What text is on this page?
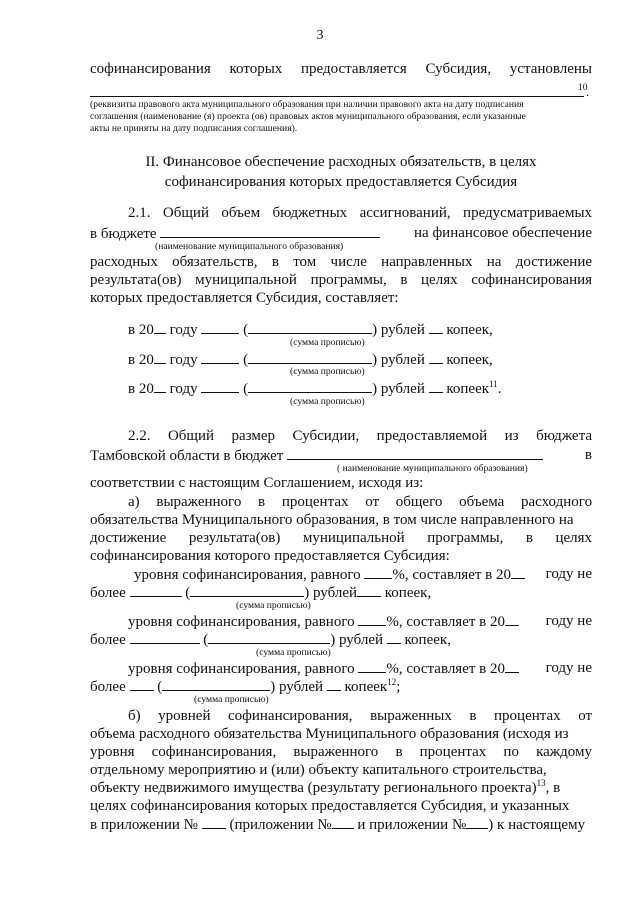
3
софинансирования которых предоставляется Субсидия, установлены
10
.
(реквизиты правового акта муниципального образования при наличии правового акта на дату подписания
соглашения (наименование (я) проекта (ов) правовых актов муниципального образования, если указанные
акты не приняты на дату подписания соглашения).
II. Финансовое обеспечение расходных обязательств, в целях
софинансирования которых предоставляется Субсидия
2.1. Общий объем бюджетных ассигнований, предусматриваемых
в бюджете	на финансовое обеспечение
(наименование муниципального образования)
расходных обязательств, в том числе направленных на достижение
результата(ов) муниципальной программы, в целях софинансирования
которых предоставляется Субсидия, составляет:
в 20 году	(	) рублей копеек,
(сумма прописью)
в 20 году	(	) рублей копеек,
(сумма прописью)
в 20 году	(	) рублей копеек$^{11}$.
(сумма прописью)
2.2. Общий размер Субсидии, предоставляемой из бюджета
Тамбовской области в бюджет	в
( наименование муниципального образования)
соответствии с настоящим Соглашением, исходя из:
а) выраженного в процентах от общего объема расходного
обязательства Муниципального образования, в том числе направленного на
достижение результата(ов) муниципальной программы, в целях
софинансирования которого предоставляется Субсидия:
уровня софинансирования, равного %, составляет в 20 году не
более	(	) рублей копеек,
(сумма прописью)
уровня софинансирования, равного %, составляет в 20	году не
более	(	) рублей копеек,
(сумма прописью)
уровня софинансирования, равного %, составляет в 20	году не
более  (	) рублей копеек$^{12}$;
(сумма прописью)
б) уровней софинансирования, выраженных в процентах от
объема расходного обязательства Муниципального образования (исходя из
уровня софинансирования, выраженного в процентах по каждому
отдельному мероприятию и (или) объекту капитального строительства,
объекту недвижимого имущества (результату регионального проекта)$^{13}$, в
целях софинансирования которых предоставляется Субсидия, и указанных
в приложении № (приложении № и приложении № ) к настоящему
